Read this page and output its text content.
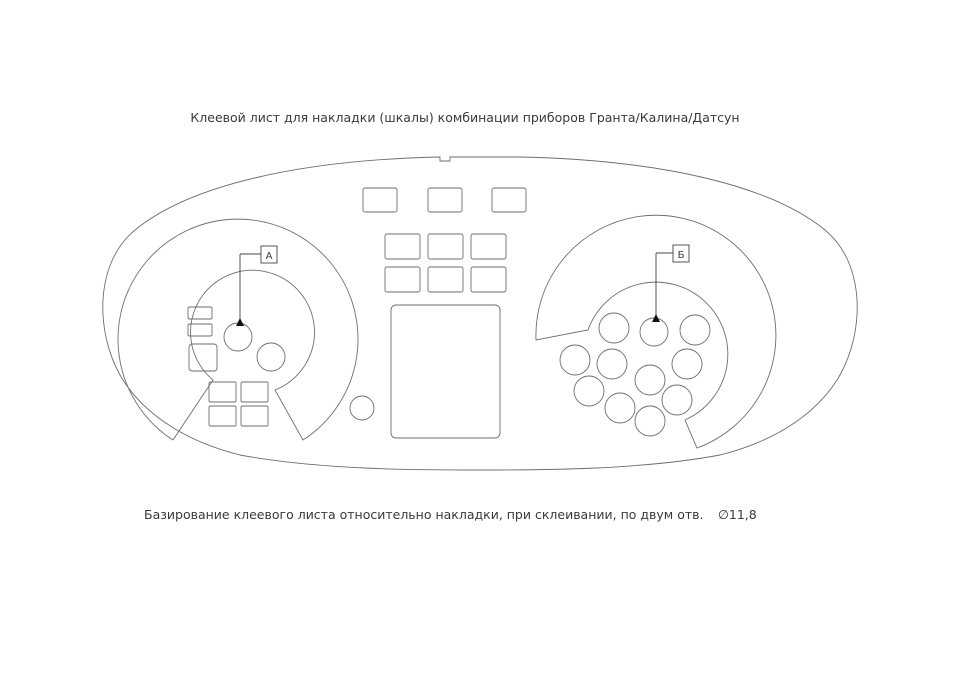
Клеевой лист для накладки (шкалы) комбинации приборов Гранта/Калина/Датсун
А	Б
Базирование клеевого листа относительно накладки, при склеивании, по двум отв. ∅11,8
